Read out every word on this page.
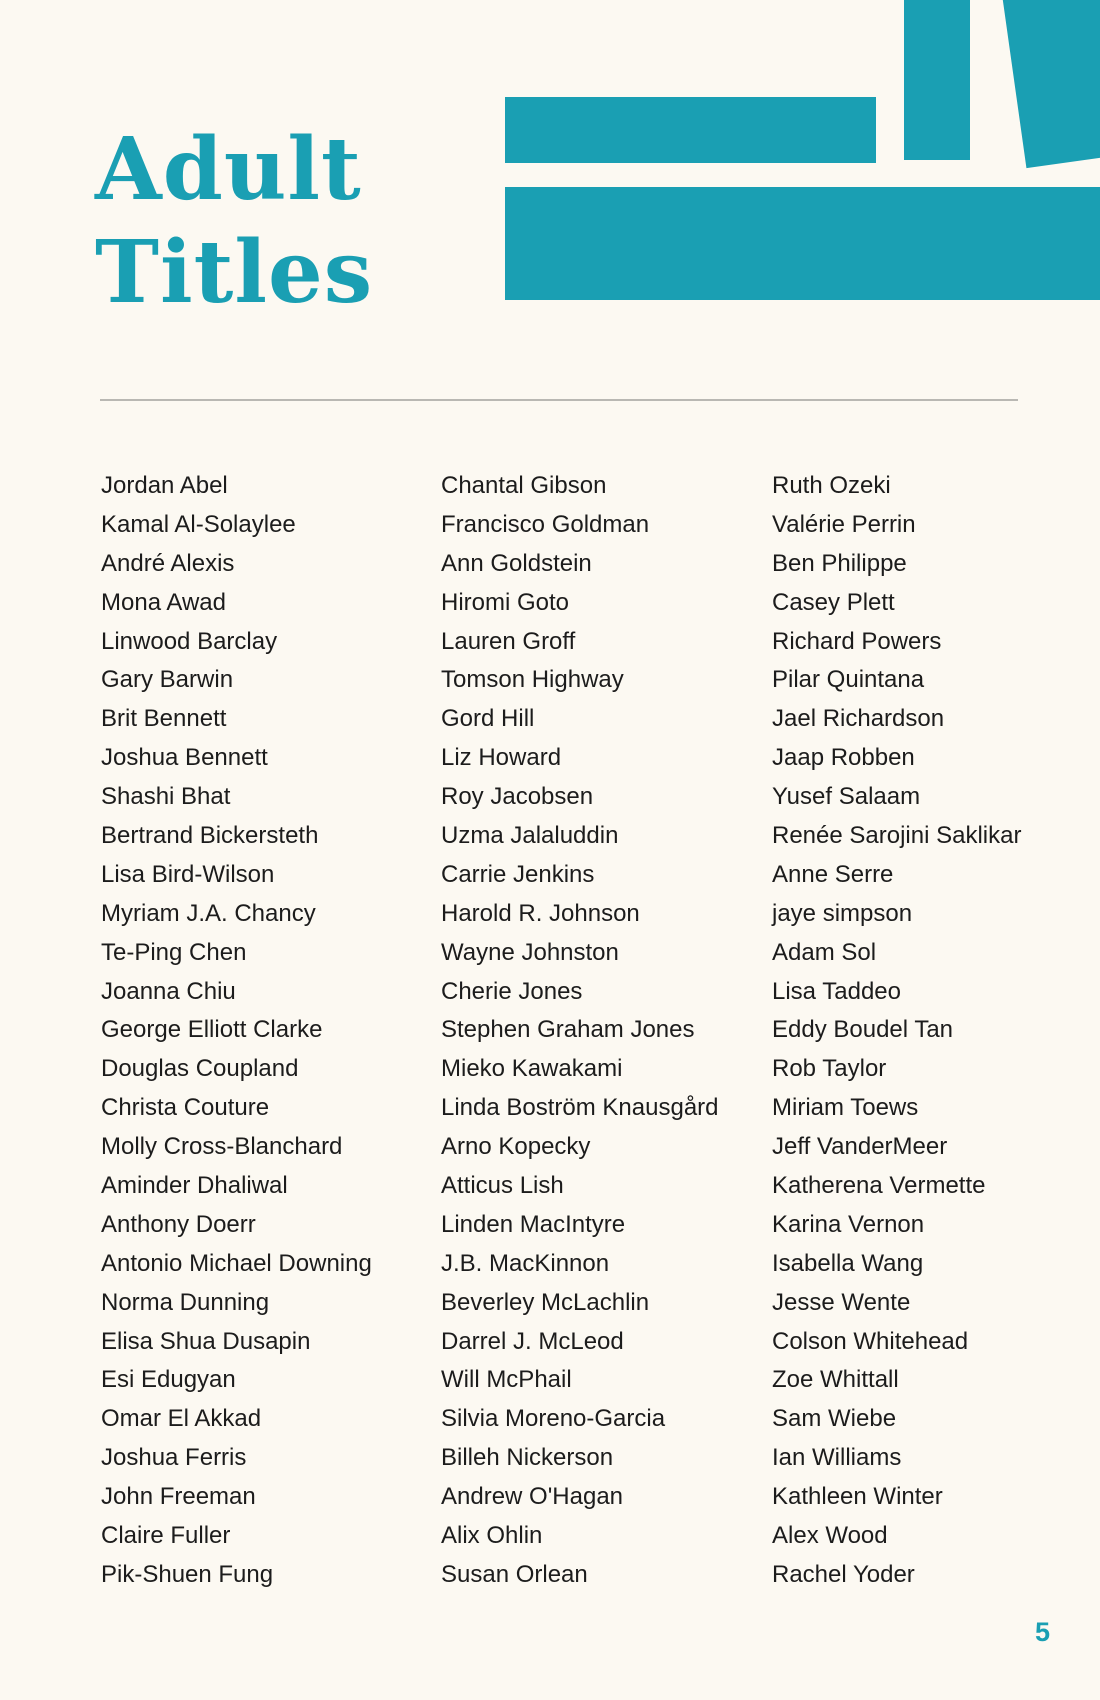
Adult
Titles
Jordan Abel
Kamal Al-Solaylee
André Alexis
Mona Awad
Linwood Barclay
Gary Barwin
Brit Bennett
Joshua Bennett
Shashi Bhat
Bertrand Bickersteth
Lisa Bird-Wilson
Myriam J.A. Chancy
Te-Ping Chen
Joanna Chiu
George Elliott Clarke
Douglas Coupland
Christa Couture
Molly Cross-Blanchard
Aminder Dhaliwal
Anthony Doerr
Antonio Michael Downing
Norma Dunning
Elisa Shua Dusapin
Esi Edugyan
Omar El Akkad
Joshua Ferris
John Freeman
Claire Fuller
Pik-Shuen Fung
Chantal Gibson
Francisco Goldman
Ann Goldstein
Hiromi Goto
Lauren Groff
Tomson Highway
Gord Hill
Liz Howard
Roy Jacobsen
Uzma Jalaluddin
Carrie Jenkins
Harold R. Johnson
Wayne Johnston
Cherie Jones
Stephen Graham Jones
Mieko Kawakami
Linda Boström Knausgård
Arno Kopecky
Atticus Lish
Linden MacIntyre
J.B. MacKinnon
Beverley McLachlin
Darrel J. McLeod
Will McPhail
Silvia Moreno-Garcia
Billeh Nickerson
Andrew O'Hagan
Alix Ohlin
Susan Orlean
Ruth Ozeki
Valérie Perrin
Ben Philippe
Casey Plett
Richard Powers
Pilar Quintana
Jael Richardson
Jaap Robben
Yusef Salaam
Renée Sarojini Saklikar
Anne Serre
jaye simpson
Adam Sol
Lisa Taddeo
Eddy Boudel Tan
Rob Taylor
Miriam Toews
Jeff VanderMeer
Katherena Vermette
Karina Vernon
Isabella Wang
Jesse Wente
Colson Whitehead
Zoe Whittall
Sam Wiebe
Ian Williams
Kathleen Winter
Alex Wood
Rachel Yoder
5
